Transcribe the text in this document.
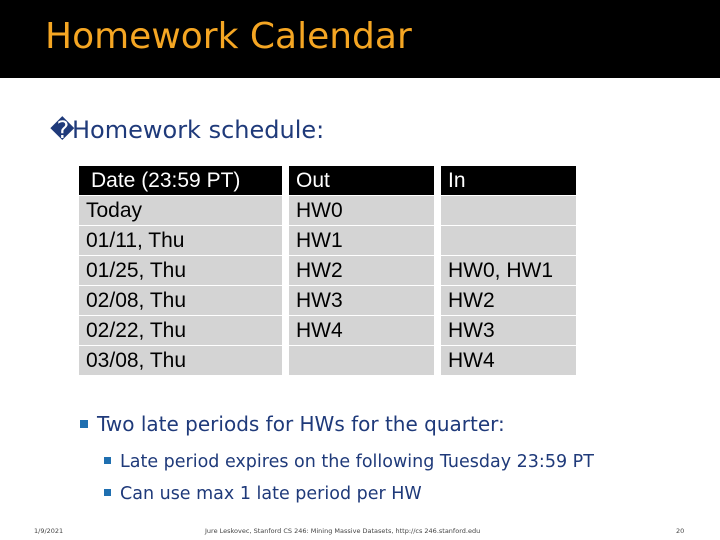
Homework Calendar
�Homework schedule:
Date (23:59 PT)	Out	In
Today	HW0	
01/11, Thu	HW1	
01/25, Thu	HW2	HW0, HW1
02/08, Thu	HW3	HW2
02/22, Thu	HW4	HW3
03/08, Thu		HW4
Two late periods for HWs for the quarter:
Late period expires on the following Tuesday 23:59 PT
Can use max 1 late period per HW
1/9/2021	Jure Leskovec, Stanford CS 246: Mining Massive Datasets, http://cs 246.stanford.edu	20
